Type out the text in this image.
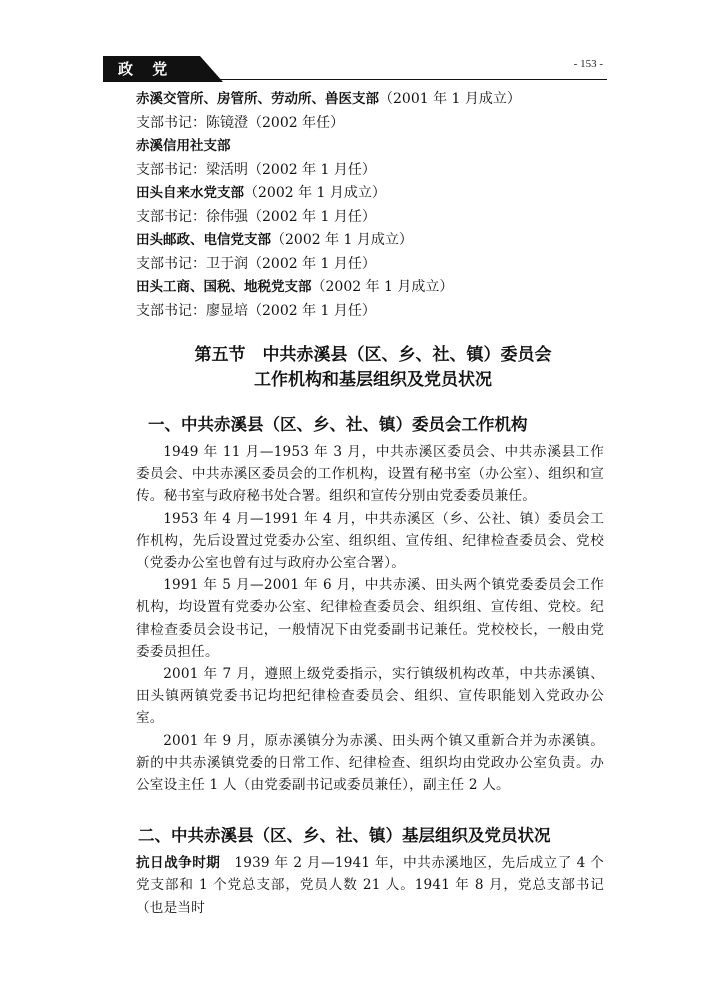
政 党	- 153 -
赤溪交管所、房管所、劳动所、兽医支部（2001 年 1 月成立）
支部书记：陈镜澄（2002 年任）
赤溪信用社支部
支部书记：梁活明（2002 年 1 月任）
田头自来水党支部（2002 年 1 月成立）
支部书记：徐伟强（2002 年 1 月任）
田头邮政、电信党支部（2002 年 1 月成立）
支部书记：卫于润（2002 年 1 月任）
田头工商、国税、地税党支部（2002 年 1 月成立）
支部书记：廖显培（2002 年 1 月任）
第五节　中共赤溪县（区、乡、社、镇）委员会
工作机构和基层组织及党员状况
一、中共赤溪县（区、乡、社、镇）委员会工作机构

1949 年 11 月—1953 年 3 月，中共赤溪区委员会、中共赤溪县工作委员会、中共赤溪区委员会的工作机构，设置有秘书室（办公室）、组织和宣传。秘书室与政府秘书处合署。组织和宣传分别由党委委员兼任。

1953 年 4 月—1991 年 4 月，中共赤溪区（乡、公社、镇）委员会工作机构，先后设置过党委办公室、组织组、宣传组、纪律检查委员会、党校（党委办公室也曾有过与政府办公室合署）。

1991 年 5 月—2001 年 6 月，中共赤溪、田头两个镇党委委员会工作机构，均设置有党委办公室、纪律检查委员会、组织组、宣传组、党校。纪律检查委员会设书记，一般情况下由党委副书记兼任。党校校长，一般由党委委员担任。

2001 年 7 月，遵照上级党委指示，实行镇级机构改革，中共赤溪镇、田头镇两镇党委书记均把纪律检查委员会、组织、宣传职能划入党政办公室。

2001 年 9 月，原赤溪镇分为赤溪、田头两个镇又重新合并为赤溪镇。新的中共赤溪镇党委的日常工作、纪律检查、组织均由党政办公室负责。办公室设主任 1 人（由党委副书记或委员兼任），副主任 2 人。

二、中共赤溪县（区、乡、社、镇）基层组织及党员状况

抗日战争时期　1939 年 2 月—1941 年，中共赤溪地区，先后成立了 4 个党支部和 1 个党总支部，党员人数 21 人。1941 年 8 月，党总支部书记（也是当时
